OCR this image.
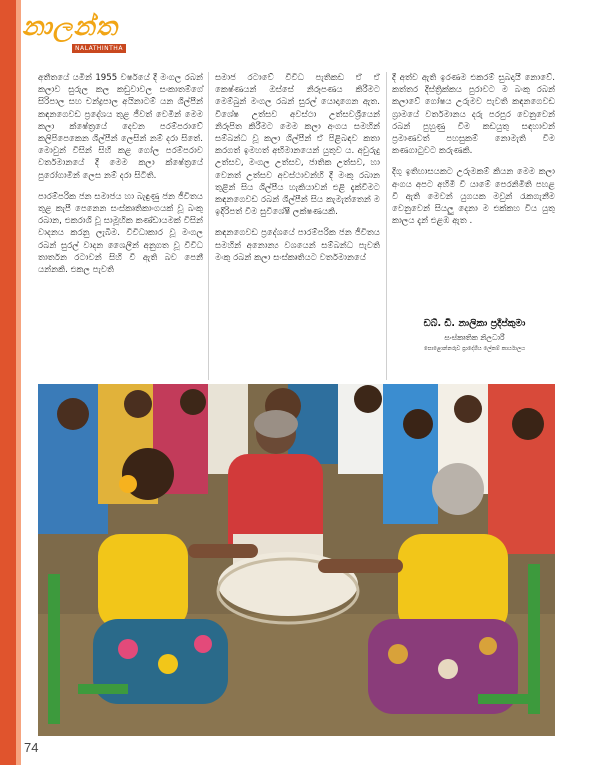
නාලන්ත
NALATHINTHA

අතීතයේ යමින් 1955 වර්ෂයේ දී මංගල රබන් කලාව සුරුල කල කඩුවාවල සංකාතම්ගේ සිරිපාල සහ චන්ද්‍රපාල අයිනාටම් යන ශිල්පීන් කඳනගෙවඩ ප්‍රදේශය තුළ ජීවත් වෙමින් මෙම කලා ක්ෂේත්‍රයේ දෙවන පරම්පරාවේ කලිපිපෙකෙන ශිල්පීන් ලෙසින් නම් දරා සිතේ. මොවුන් විසින් සිහි කළ ගෝල පරම්පරාව වර්තමානයේ දී මෙම කලා ක්ෂේත්‍රයේ පුරෝගාමීන් ලෙස නම් දරා සිටිති.

පාරම්පරික ජන සමාජය හා බැඳුණු ජන ජීවිතය තුළ කැපී පෙනෙන සංස්කෘතිකාංගයක් වූ බංකු රබාන, එකරාශි වූ සාමූහික කණ්ඩායමක් විසින් වාදනය කරනු ලැබීම. විවිධාකාර වූ මංගල රබන් සුරල් වාදන ශෛලීන් අනුගත වූ විවිධ තාර්තන රටාවන් සිහි වී ඇති බව පෙනී යන්නකි. එකල පැවති

සමාජ රටාවේ විවිධ පැතිකඩ ඒ ඒ කෙෂ්ණයන් ඔස්සේ නිරූපණය කිරීමට මෙම්බුන් මංගල රබන් සුරල් යොදාගෙන ඇත. විශේෂ උත්සව අවස්ථා උත්සවශ්‍රීයෙන් නිරූපිත කිරීමට මෙම කලා අංගය සමහින් සම්බන්ධ වූ කලා ශිල්පීන් ඒ පිළිබඳව කතා කරගත් ඉමහත් අභිමානයෙන් යුතුව ය. අවුරුදු උත්සව, මංගල උත්සව, ජාතික උත්සව, හා වෙනත් උත්සව අවස්ථාවන්හි දී මංකු රබාන තුළින් සිය ශිල්පීය හැකියාවන් එළි දැක්වීමට කඳනගෙවඩ රබන් ශිල්පීන් සිය කැමැත්තෙන් ම ඉදිරිපත් වීම සුවිශේෂී ලක්ෂණයකි.

කඳනගෙවඩ ප්‍රදේශයේ පාරම්පරික ජන ජීවිතය සමහින් අනොන්‍ය වශයෙන් සම්බන්ධ පැවති මංකු රබන් කලා සංස්කෘතියට වර්තමානයේ

දී අත්ව ඇති ඉරණම එකරම් සුබදායී නොවේ. කත්තර දිස්ත්‍රික්කය පුරාවට ම බංකු රබන් කලාවේ ගෝෂය උරුමව පැවති කඳනගෙවඩ ග්‍රාමයේ වර්තමානය දරු පරපුර වෙනුවෙන් රබන් පුහුණු වීම කඩයුතු සඳහාවන් ප්‍රමාණවත් පහසුකම් නොමැති වීම කණගාටුවට කරුණකි.

දිගු ඉතිහාසයකට උරුමකම් කියන මෙම කලා අංගය අපට අහිමි වී යාමේ පෙරනිමිති පහළ වී ඇති මෙවන් යුගයක මවුන් රැකගැනීම වෙනුවෙන් සියලු දෙනා ම එක්කහ විය යුතු කාලය දැන් එළඹ ඇත .

ඩබ්. ඩී. නාලිකා ප්‍රදීප්කුමා
සංස්කෘතික නිලධාරී
පොළොන්නරුව ප්‍රාදේශීය ලේකම් කාර්යාලය
74
